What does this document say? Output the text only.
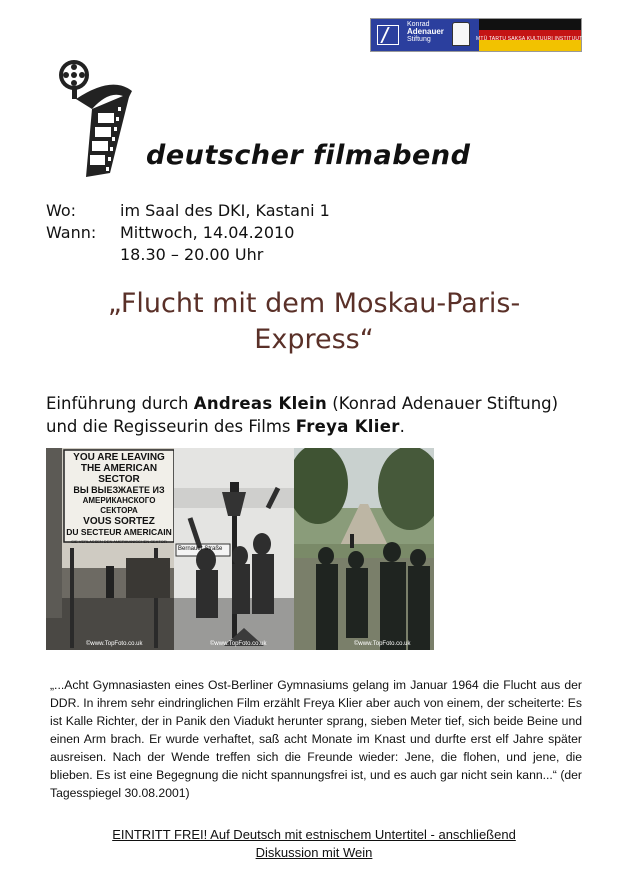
Konrad
Adenauer
Stiftung	MTÜ TARTU SAKSA KULTUURI INSTITUUT
deutscher filmabend
Wo:	im Saal des DKI, Kastani 1
Wann:	Mittwoch, 14.04.2010
18.30 – 20.00 Uhr
„Flucht mit dem Moskau-Paris-
Express“
Einführung durch Andreas Klein (Konrad Adenauer Stiftung) und die Regisseurin des Films Freya Klier.
YOU ARE LEAVING
THE AMERICAN SECTOR
ВЫ ВЫЕЗЖАЕТЕ ИЗ
АМЕРИКАНСКОГО СЕКТОРА
VOUS SORTEZ
DU SECTEUR AMERICAIN
SIE VERLASSEN DEN AMERIKANISCHEN SEKTOR
©www.TopFoto.co.uk
Bernauer Straße
©www.TopFoto.co.uk	©www.TopFoto.co.uk
„...Acht Gymnasiasten eines Ost-Berliner Gymnasiums gelang im Januar 1964 die Flucht aus der DDR. In ihrem sehr eindringlichen Film erzählt Freya Klier aber auch von einem, der scheiterte: Es ist Kalle Richter, der in Panik den Viadukt herunter sprang, sieben Meter tief, sich beide Beine und einen Arm brach. Er wurde verhaftet, saß acht Monate im Knast und durfte erst elf Jahre später ausreisen. Nach der Wende treffen sich die Freunde wieder: Jene, die flohen, und jene, die blieben. Es ist eine Begegnung die nicht spannungsfrei ist, und es auch gar nicht sein kann...“ (der Tagesspiegel 30.08.2001)
EINTRITT FREI! Auf Deutsch mit estnischem Untertitel - anschließend
Diskussion mit Wein
